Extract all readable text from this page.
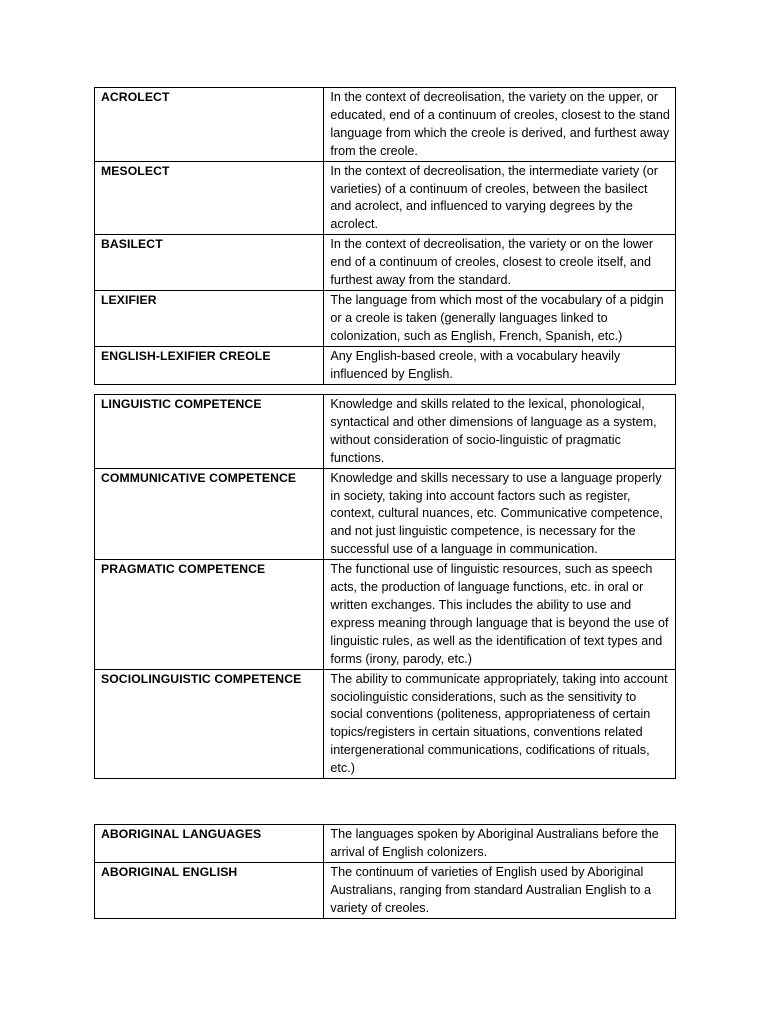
ACROLECT	In the context of decreolisation, the variety on the upper, or educated, end of a continuum of creoles, closest to the stand language from which the creole is derived, and furthest away from the creole.
MESOLECT	In the context of decreolisation, the intermediate variety (or varieties) of a continuum of creoles, between the basilect and acrolect, and influenced to varying degrees by the acrolect.
BASILECT	In the context of decreolisation, the variety or on the lower end of a continuum of creoles, closest to creole itself, and furthest away from the standard.
LEXIFIER	The language from which most of the vocabulary of a pidgin or a creole is taken (generally languages linked to colonization, such as English, French, Spanish, etc.)
ENGLISH-LEXIFIER CREOLE	Any English-based creole, with a vocabulary heavily influenced by English.
LINGUISTIC COMPETENCE	Knowledge and skills related to the lexical, phonological, syntactical and other dimensions of language as a system, without consideration of socio-linguistic of pragmatic functions.
COMMUNICATIVE COMPETENCE	Knowledge and skills necessary to use a language properly in society, taking into account factors such as register, context, cultural nuances, etc. Communicative competence, and not just linguistic competence, is necessary for the successful use of a language in communication.
PRAGMATIC COMPETENCE	The functional use of linguistic resources, such as speech acts, the production of language functions, etc. in oral or written exchanges. This includes the ability to use and express meaning through language that is beyond the use of linguistic rules, as well as the identification of text types and forms (irony, parody, etc.)
SOCIOLINGUISTIC COMPETENCE	The ability to communicate appropriately, taking into account sociolinguistic considerations, such as the sensitivity to social conventions (politeness, appropriateness of certain topics/registers in certain situations, conventions related intergenerational communications, codifications of rituals, etc.)
ABORIGINAL LANGUAGES	The languages spoken by Aboriginal Australians before the arrival of English colonizers.
ABORIGINAL ENGLISH	The continuum of varieties of English used by Aboriginal Australians, ranging from standard Australian English to a variety of creoles.
